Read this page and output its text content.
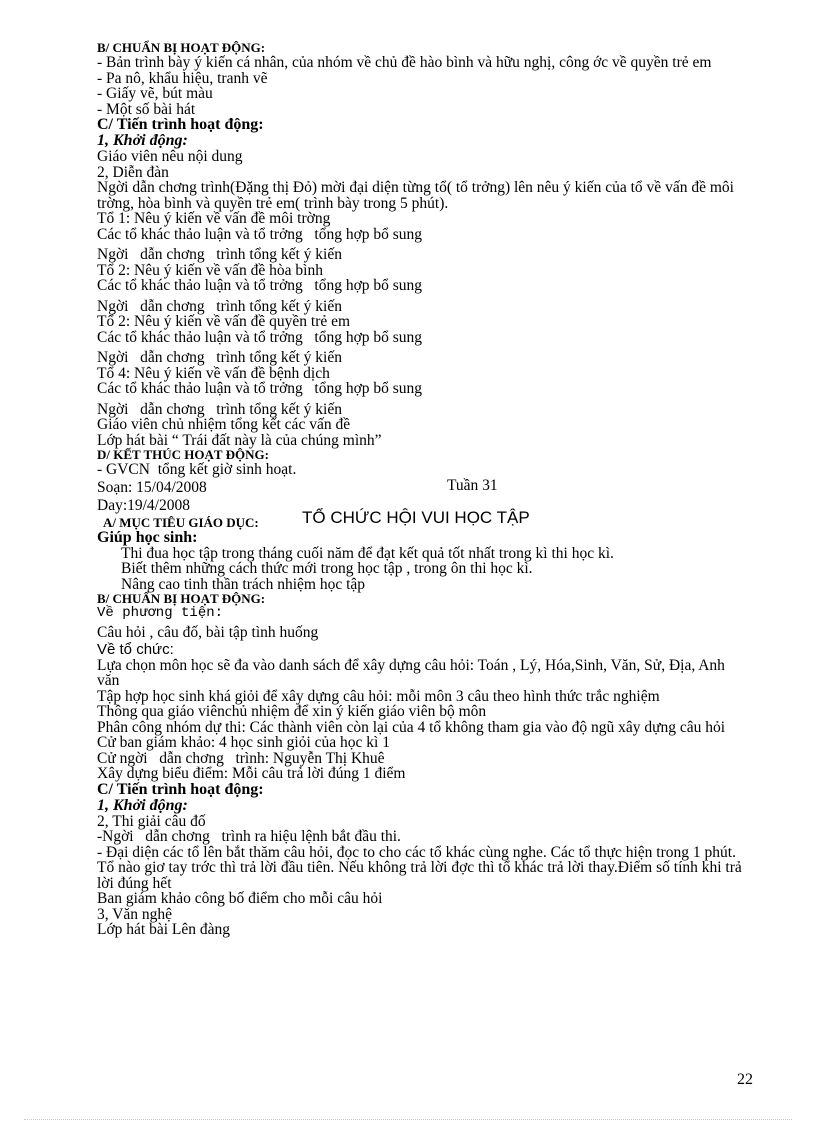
B/ CHUẨN BỊ HOẠT ĐỘNG:

- Bản trình bày ý kiến cá nhân, của nhóm về chủ đề hào bình và hữu nghị, công ớc về quyền trẻ em

- Pa nô, khẩu hiệu, tranh vẽ

- Giấy vẽ, bút màu

- Một số bài hát

C/ Tiến trình hoạt động:

1, Khởi động:

Giáo viên nêu nội dung

2, Diễn đàn

Ngời dẫn chơng trình(Đặng thị Đỏ) mời đại diện từng tổ( tổ trởng) lên nêu ý kiến của tổ về vấn đề môi trờng, hòa bình và quyền trẻ em( trình bày trong 5 phút).

Tổ 1: Nêu ý kiến về vấn đề môi trờng

Các tổ khác thảo luận và tổ trởng   tổng hợp bổ sung

Ngời   dẫn chơng   trình tổng kết ý kiến

Tổ 2: Nêu ý kiến về vấn đề hòa bình

Các tổ khác thảo luận và tổ trởng   tổng hợp bổ sung

Ngời   dẫn chơng   trình tổng kết ý kiến

Tổ 2: Nêu ý kiến về vấn đề quyền trẻ em

Các tổ khác thảo luận và tổ trởng   tổng hợp bổ sung

Ngời   dẫn chơng   trình tổng kết ý kiến

Tổ 4: Nêu ý kiến về vấn đề bệnh dịch

Các tổ khác thảo luận và tổ trởng   tổng hợp bổ sung

Ngời   dẫn chơng   trình tổng kết ý kiến

Giáo viên chủ nhiệm tổng kết các vấn đề

Lớp hát bài “ Trái đất này là của chúng mình”

D/ KẾT THÚC HOẠT ĐỘNG:

- GVCN  tổng kết giờ sinh hoạt.

Soạn: 15/04/2008	Tuần 31
Day:19/4/2008
TỔ CHỨC HỘI VUI HỌC TẬP

A/ MỤC TIÊU GIÁO DỤC:

Giúp học sinh:

Thi đua học tập trong tháng cuối năm để đạt kết quả tốt nhất trong kì thi học kì.

Biết thêm những cách thức mới trong học tập , trong ôn thi học kì.

Nâng cao tinh thần trách nhiệm học tập

B/ CHUẨN BỊ HOẠT ĐỘNG:

Về phương tiện:

Câu hỏi , câu đố, bài tập tình huống

Về tổ chức:

Lựa chọn môn học sẽ đa vào danh sách để xây dựng câu hỏi: Toán , Lý, Hóa,Sinh, Văn, Sử, Địa, Anh văn

Tập hợp học sinh khá giỏi để xây dựng câu hỏi: mỗi môn 3 câu theo hình thức trắc nghiệm

Thông qua giáo viênchủ nhiệm để xin ý kiến giáo viên bộ môn

Phân công nhóm dự thi: Các thành viên còn lại của 4 tổ không tham gia vào độ ngũ xây dựng câu hỏi

Cử ban giám khảo: 4 học sinh giỏi của học kì 1

Cử ngời   dẫn chơng   trình: Nguyễn Thị Khuê

Xây dựng biểu điểm: Mỗi câu trả lời đúng 1 điểm

C/ Tiến trình hoạt động:

1, Khởi động:

2, Thi giải câu đố

-Ngời   dẫn chơng   trình ra hiệu lệnh bắt đầu thi.

- Đại diện các tổ lên bắt thăm câu hỏi, đọc to cho các tổ khác cùng nghe. Các tổ thực hiện trong 1 phút. Tổ nào giơ tay trớc thì trả lời đầu tiên. Nếu không trả lời đợc thì tổ khác trả lời thay.Điểm số tính khi trả lời đúng hết

Ban giám khảo công bố điểm cho mỗi câu hỏi

3, Văn nghệ

Lớp hát bài Lên đàng

22
